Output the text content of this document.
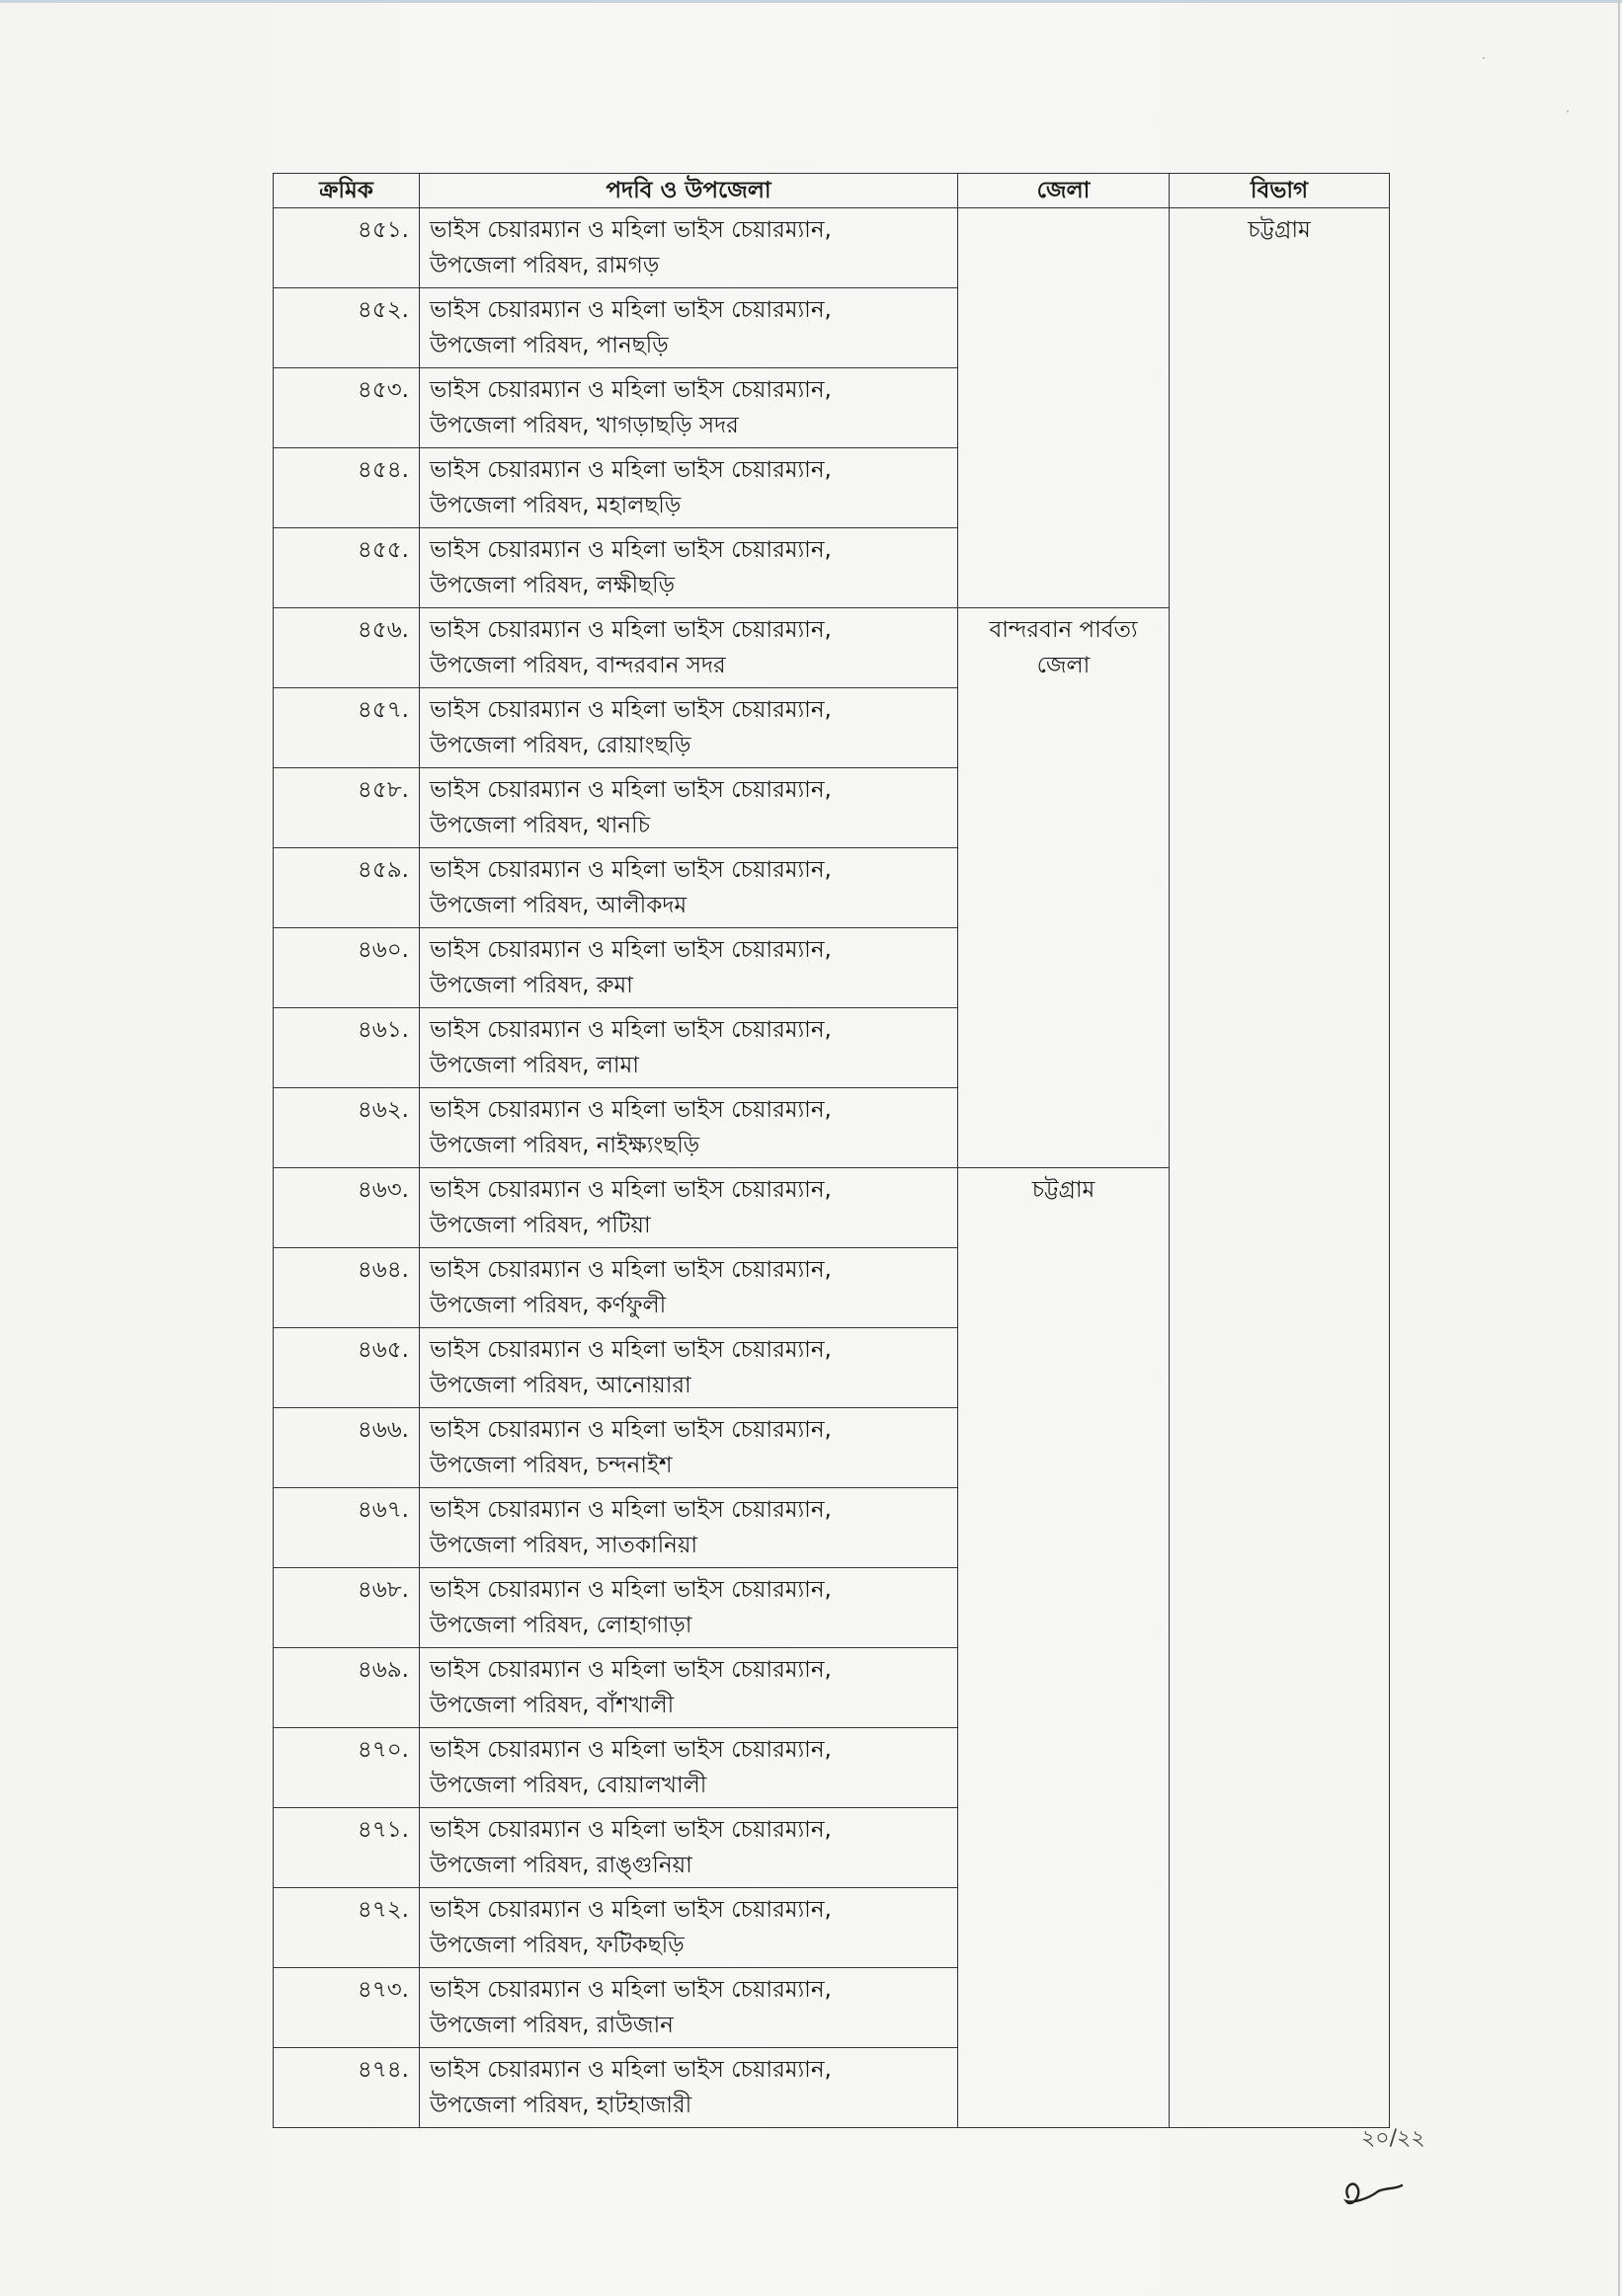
·
·
ক্রমিক	পদবি ও উপজেলা	জেলা	বিভাগ
৪৫১.	ভাইস চেয়ারম্যান ও মহিলা ভাইস চেয়ারম্যান,
উপজেলা পরিষদ, রামগড়		চট্টগ্রাম
৪৫২.	ভাইস চেয়ারম্যান ও মহিলা ভাইস চেয়ারম্যান,
উপজেলা পরিষদ, পানছড়ি		

৪৫৩.	ভাইস চেয়ারম্যান ও মহিলা ভাইস চেয়ারম্যান,
উপজেলা পরিষদ, খাগড়াছড়ি সদর		

৪৫৪.	ভাইস চেয়ারম্যান ও মহিলা ভাইস চেয়ারম্যান,
উপজেলা পরিষদ, মহালছড়ি		

৪৫৫.	ভাইস চেয়ারম্যান ও মহিলা ভাইস চেয়ারম্যান,
উপজেলা পরিষদ, লক্ষীছড়ি		

৪৫৬.	ভাইস চেয়ারম্যান ও মহিলা ভাইস চেয়ারম্যান,
উপজেলা পরিষদ, বান্দরবান সদর	বান্দরবান পার্বত্য জেলা	
৪৫৭.	ভাইস চেয়ারম্যান ও মহিলা ভাইস চেয়ারম্যান,
উপজেলা পরিষদ, রোয়াংছড়ি		

৪৫৮.	ভাইস চেয়ারম্যান ও মহিলা ভাইস চেয়ারম্যান,
উপজেলা পরিষদ, থানচি		

৪৫৯.	ভাইস চেয়ারম্যান ও মহিলা ভাইস চেয়ারম্যান,
উপজেলা পরিষদ, আলীকদম		

৪৬০.	ভাইস চেয়ারম্যান ও মহিলা ভাইস চেয়ারম্যান,
উপজেলা পরিষদ, রুমা		

৪৬১.	ভাইস চেয়ারম্যান ও মহিলা ভাইস চেয়ারম্যান,
উপজেলা পরিষদ, লামা		

৪৬২.	ভাইস চেয়ারম্যান ও মহিলা ভাইস চেয়ারম্যান,
উপজেলা পরিষদ, নাইক্ষ্যংছড়ি		

৪৬৩.	ভাইস চেয়ারম্যান ও মহিলা ভাইস চেয়ারম্যান,
উপজেলা পরিষদ, পটিয়া	চট্টগ্রাম	
৪৬৪.	ভাইস চেয়ারম্যান ও মহিলা ভাইস চেয়ারম্যান,
উপজেলা পরিষদ, কর্ণফুলী		

৪৬৫.	ভাইস চেয়ারম্যান ও মহিলা ভাইস চেয়ারম্যান,
উপজেলা পরিষদ, আনোয়ারা		

৪৬৬.	ভাইস চেয়ারম্যান ও মহিলা ভাইস চেয়ারম্যান,
উপজেলা পরিষদ, চন্দনাইশ		

৪৬৭.	ভাইস চেয়ারম্যান ও মহিলা ভাইস চেয়ারম্যান,
উপজেলা পরিষদ, সাতকানিয়া		

৪৬৮.	ভাইস চেয়ারম্যান ও মহিলা ভাইস চেয়ারম্যান,
উপজেলা পরিষদ, লোহাগাড়া		

৪৬৯.	ভাইস চেয়ারম্যান ও মহিলা ভাইস চেয়ারম্যান,
উপজেলা পরিষদ, বাঁশখালী		

৪৭০.	ভাইস চেয়ারম্যান ও মহিলা ভাইস চেয়ারম্যান,
উপজেলা পরিষদ, বোয়ালখালী		

৪৭১.	ভাইস চেয়ারম্যান ও মহিলা ভাইস চেয়ারম্যান,
উপজেলা পরিষদ, রাঙ্গুনিয়া		

৪৭২.	ভাইস চেয়ারম্যান ও মহিলা ভাইস চেয়ারম্যান,
উপজেলা পরিষদ, ফটিকছড়ি		

৪৭৩.	ভাইস চেয়ারম্যান ও মহিলা ভাইস চেয়ারম্যান,
উপজেলা পরিষদ, রাউজান		

৪৭৪.	ভাইস চেয়ারম্যান ও মহিলা ভাইস চেয়ারম্যান,
উপজেলা পরিষদ, হাটহাজারী		
২০/২২
